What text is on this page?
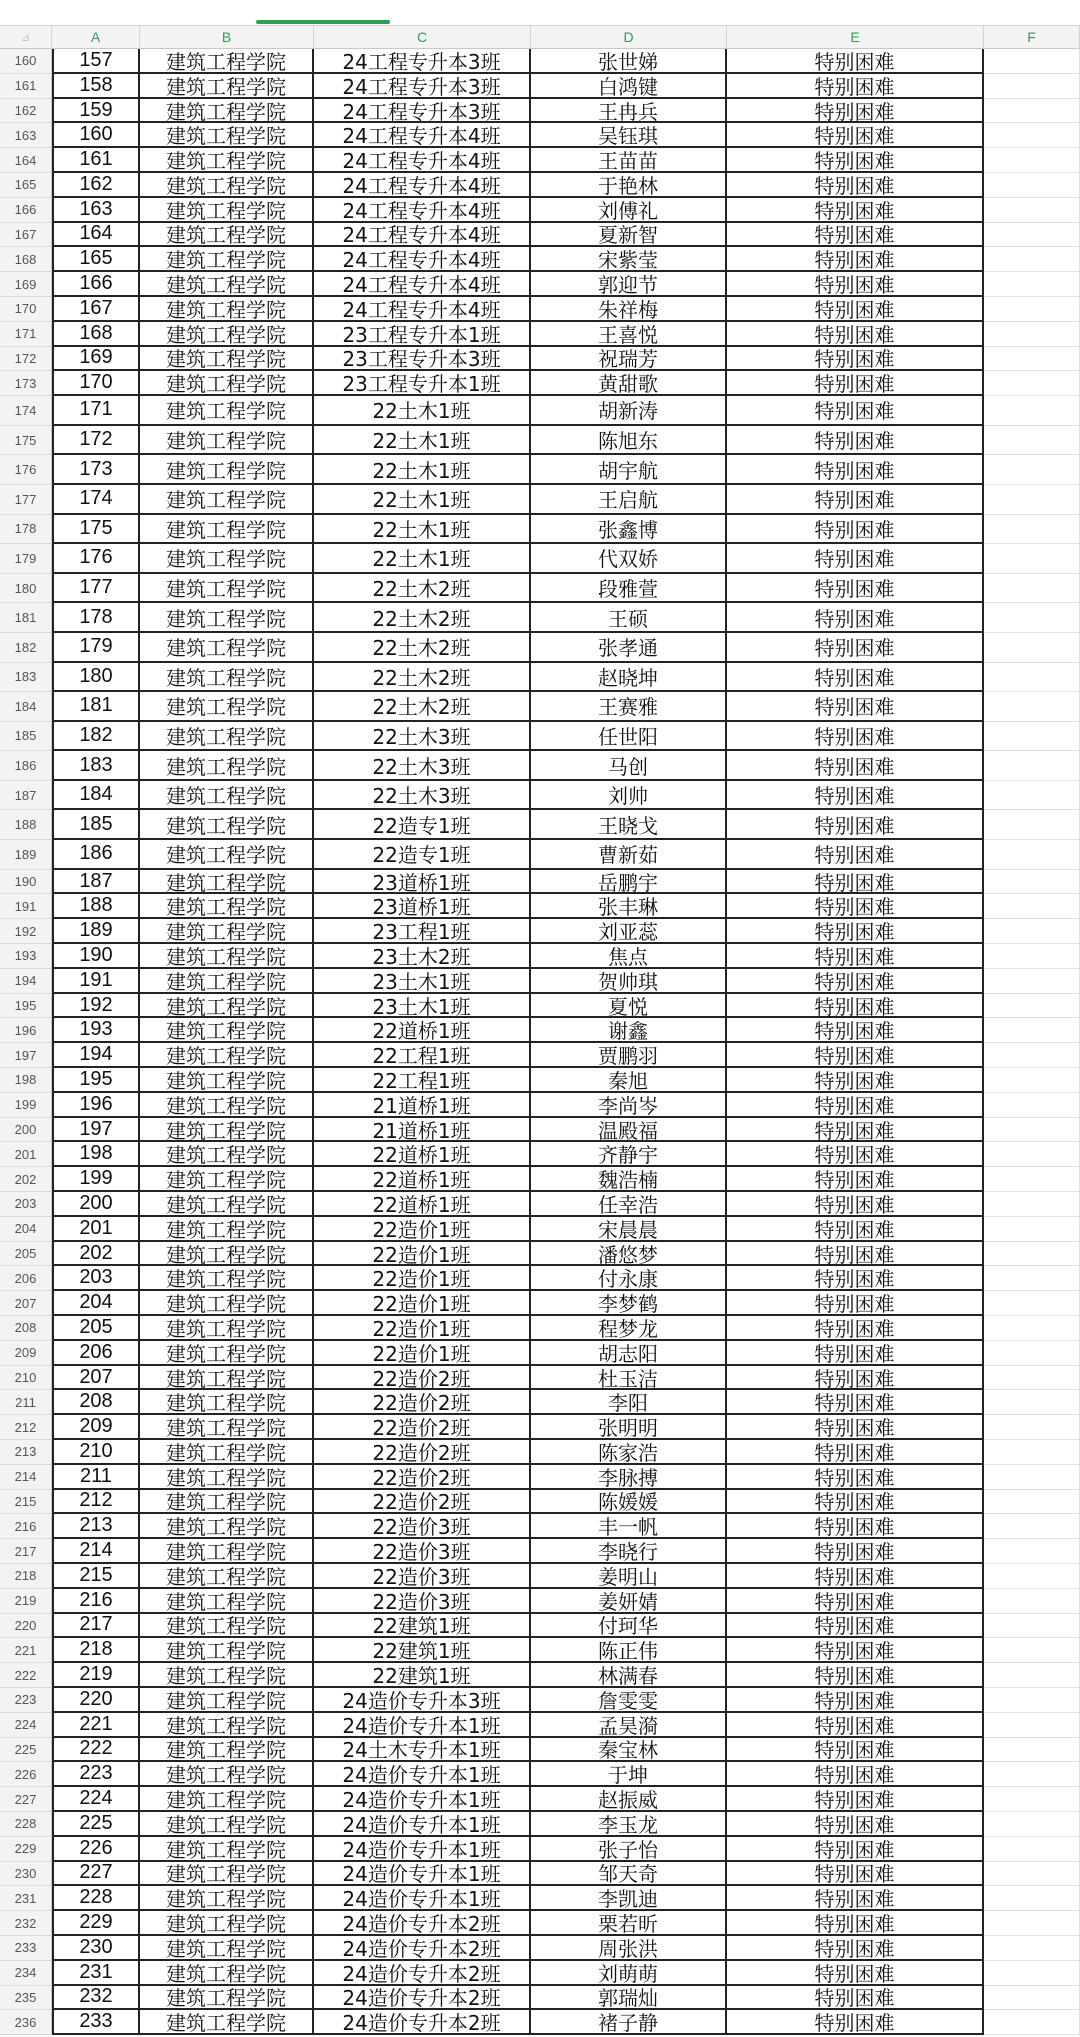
⊿	A	B	C	D	E	F
160	157	建筑工程学院	24工程专升本3班	张世娣	特别困难
161	158	建筑工程学院	24工程专升本3班	白鸿键	特别困难
162	159	建筑工程学院	24工程专升本3班	王冉兵	特别困难
163	160	建筑工程学院	24工程专升本4班	吴钰琪	特别困难
164	161	建筑工程学院	24工程专升本4班	王苗苗	特别困难
165	162	建筑工程学院	24工程专升本4班	于艳林	特别困难
166	163	建筑工程学院	24工程专升本4班	刘傅礼	特别困难
167	164	建筑工程学院	24工程专升本4班	夏新智	特别困难
168	165	建筑工程学院	24工程专升本4班	宋紫莹	特别困难
169	166	建筑工程学院	24工程专升本4班	郭迎节	特别困难
170	167	建筑工程学院	24工程专升本4班	朱祥梅	特别困难
171	168	建筑工程学院	23工程专升本1班	王喜悦	特别困难
172	169	建筑工程学院	23工程专升本3班	祝瑞芳	特别困难
173	170	建筑工程学院	23工程专升本1班	黄甜歌	特别困难
174	171	建筑工程学院	22土木1班	胡新涛	特别困难
175	172	建筑工程学院	22土木1班	陈旭东	特别困难
176	173	建筑工程学院	22土木1班	胡宇航	特别困难
177	174	建筑工程学院	22土木1班	王启航	特别困难
178	175	建筑工程学院	22土木1班	张鑫博	特别困难
179	176	建筑工程学院	22土木1班	代双娇	特别困难
180	177	建筑工程学院	22土木2班	段雅萱	特别困难
181	178	建筑工程学院	22土木2班	王硕	特别困难
182	179	建筑工程学院	22土木2班	张孝通	特别困难
183	180	建筑工程学院	22土木2班	赵晓坤	特别困难
184	181	建筑工程学院	22土木2班	王赛雅	特别困难
185	182	建筑工程学院	22土木3班	任世阳	特别困难
186	183	建筑工程学院	22土木3班	马创	特别困难
187	184	建筑工程学院	22土木3班	刘帅	特别困难
188	185	建筑工程学院	22造专1班	王晓戈	特别困难
189	186	建筑工程学院	22造专1班	曹新茹	特别困难
190	187	建筑工程学院	23道桥1班	岳鹏宇	特别困难
191	188	建筑工程学院	23道桥1班	张丰琳	特别困难
192	189	建筑工程学院	23工程1班	刘亚蕊	特别困难
193	190	建筑工程学院	23土木2班	焦点	特别困难
194	191	建筑工程学院	23土木1班	贺帅琪	特别困难
195	192	建筑工程学院	23土木1班	夏悦	特别困难
196	193	建筑工程学院	22道桥1班	谢鑫	特别困难
197	194	建筑工程学院	22工程1班	贾鹏羽	特别困难
198	195	建筑工程学院	22工程1班	秦旭	特别困难
199	196	建筑工程学院	21道桥1班	李尚岑	特别困难
200	197	建筑工程学院	21道桥1班	温殿福	特别困难
201	198	建筑工程学院	22道桥1班	齐静宇	特别困难
202	199	建筑工程学院	22道桥1班	魏浩楠	特别困难
203	200	建筑工程学院	22道桥1班	任幸浩	特别困难
204	201	建筑工程学院	22造价1班	宋晨晨	特别困难
205	202	建筑工程学院	22造价1班	潘悠梦	特别困难
206	203	建筑工程学院	22造价1班	付永康	特别困难
207	204	建筑工程学院	22造价1班	李梦鹤	特别困难
208	205	建筑工程学院	22造价1班	程梦龙	特别困难
209	206	建筑工程学院	22造价1班	胡志阳	特别困难
210	207	建筑工程学院	22造价2班	杜玉洁	特别困难
211	208	建筑工程学院	22造价2班	李阳	特别困难
212	209	建筑工程学院	22造价2班	张明明	特别困难
213	210	建筑工程学院	22造价2班	陈家浩	特别困难
214	211	建筑工程学院	22造价2班	李脉搏	特别困难
215	212	建筑工程学院	22造价2班	陈媛媛	特别困难
216	213	建筑工程学院	22造价3班	丰一帆	特别困难
217	214	建筑工程学院	22造价3班	李晓行	特别困难
218	215	建筑工程学院	22造价3班	姜明山	特别困难
219	216	建筑工程学院	22造价3班	姜妍婧	特别困难
220	217	建筑工程学院	22建筑1班	付珂华	特别困难
221	218	建筑工程学院	22建筑1班	陈正伟	特别困难
222	219	建筑工程学院	22建筑1班	林满春	特别困难
223	220	建筑工程学院	24造价专升本3班	詹雯雯	特别困难
224	221	建筑工程学院	24造价专升本1班	孟昊漪	特别困难
225	222	建筑工程学院	24土木专升本1班	秦宝林	特别困难
226	223	建筑工程学院	24造价专升本1班	于坤	特别困难
227	224	建筑工程学院	24造价专升本1班	赵振威	特别困难
228	225	建筑工程学院	24造价专升本1班	李玉龙	特别困难
229	226	建筑工程学院	24造价专升本1班	张子怡	特别困难
230	227	建筑工程学院	24造价专升本1班	邹天奇	特别困难
231	228	建筑工程学院	24造价专升本1班	李凯迪	特别困难
232	229	建筑工程学院	24造价专升本2班	栗若昕	特别困难
233	230	建筑工程学院	24造价专升本2班	周张洪	特别困难
234	231	建筑工程学院	24造价专升本2班	刘萌萌	特别困难
235	232	建筑工程学院	24造价专升本2班	郭瑞灿	特别困难
236	233	建筑工程学院	24造价专升本2班	褚子静	特别困难
